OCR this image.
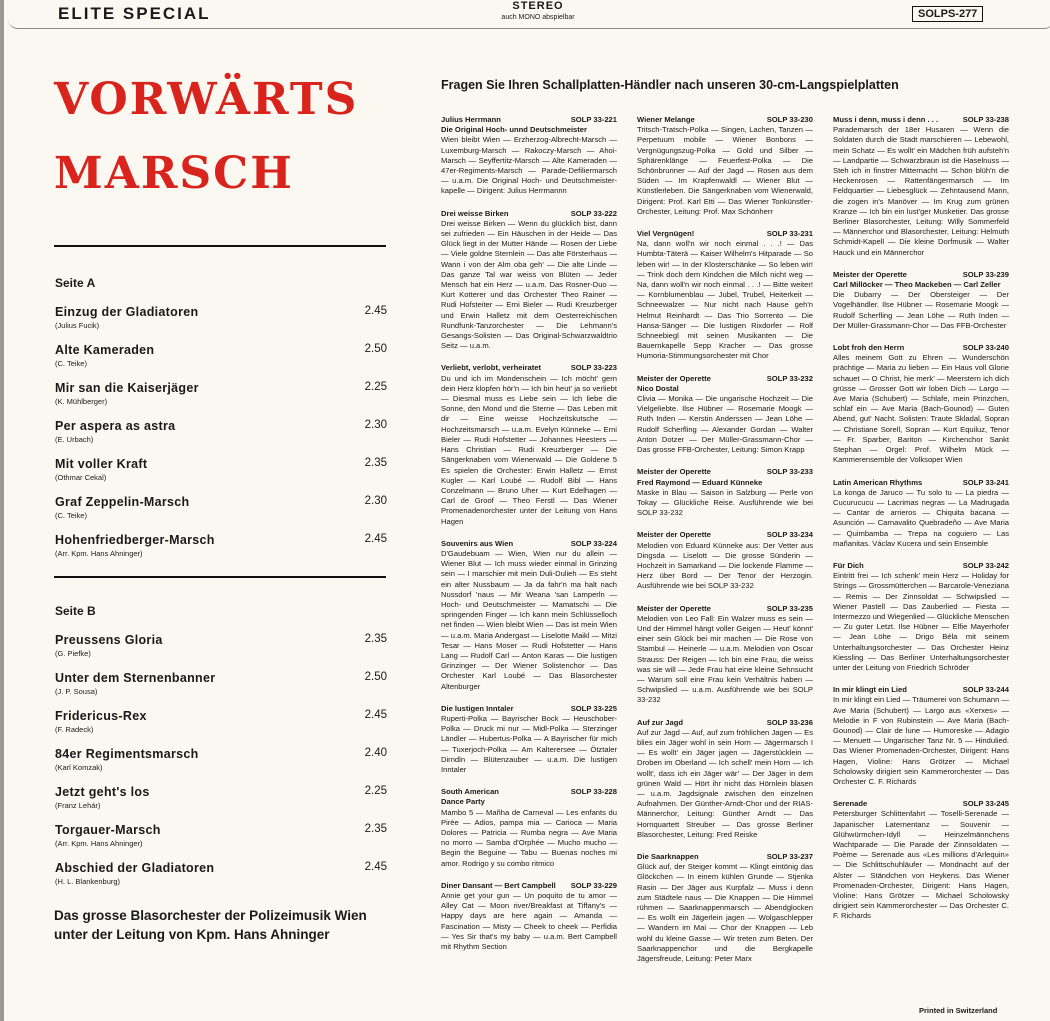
ELITE SPECIAL	STEREO
auch MONO abspielbar	SOLPS-277
VORWÄRTS
MARSCH
Seite A
Einzug der Gladiatoren
(Julius Fucik)
2.45
Alte Kameraden
(C. Teike)
2.50
Mir san die Kaiserjäger
(K. Mühlberger)
2.25
Per aspera as astra
(E. Urbach)
2.30
Mit voller Kraft
(Othmar Cekal)
2.35
Graf Zeppelin-Marsch
(C. Teike)
2.30
Hohenfriedberger-Marsch
(Arr. Kpm. Hans Ahninger)
2.45
Seite B
Preussens Gloria
(G. Piefke)
2.35
Unter dem Sternenbanner
(J. P. Sousa)
2.50
Fridericus-Rex
(F. Radeck)
2.45
84er Regimentsmarsch
(Karl Komzak)
2.40
Jetzt geht's los
(Franz Lehár)
2.25
Torgauer-Marsch
(Arr. Kpm. Hans Ahninger)
2.35
Abschied der Gladiatoren
(H. L. Blankenburg)
2.45
Das grosse Blasorchester der Polizeimusik Wien
unter der Leitung von Kpm. Hans Ahninger
Fragen Sie Ihren Schallplatten-Händler nach unseren 30-cm-Langspielplatten
Julius Herrmann	SOLP 33-221
Die Original Hoch- unnd Deutschmeister
Wien bleibt Wien — Erzherzog-Albrecht-Marsch — Luxemburg-Marsch — Rakoczy-Marsch — Ahoi-Marsch — Seyffertitz-Marsch — Alte Kameraden — 47er-Regiments-Marsch — Parade-Defiliermarsch — u.a.m. Die Original Hoch- und Deutschmeister-kapelle — Dirigent: Julius Herrmannn
Drei weisse Birken	SOLP 33-222
Drei weisse Birken — Wenn du glücklich bist, dann sei zufrieden — Ein Häuschen in der Heide — Das Glück liegt in der Mutter Hände — Rosen der Liebe — Viele goldne Sternlein — Das alte Försterhaus — Wann i von der Alm oba geh' — Die alte Linde — Das ganze Tal war weiss von Blüten — Jeder Mensch hat ein Herz — u.a.m. Das Rosner-Duo — Kurt Kotterer und das Orchester Theo Rainer — Rudi Hofsteiter — Erni Bieler — Rudi Kreuzberger und Erwin Halletz mit dem Oesterreichischen Rundfunk-Tanzorchester — Die Lehmann's Gesangs-Solisten — Das Original-Schwarzwaldtrio Seitz — u.a.m.
Verliebt, verlobt, verheiratet	SOLP 33-223
Du und ich im Mondenschein — Ich möcht' gern dein Herz klopfen hör'n — Ich bin heut' ja so verliebt — Diesmal muss es Liebe sein — Ich liebe die Sonne, den Mond und die Sterne — Das Leben mit dir — Eine weisse Hochzeitskutsche — Hochzeitsmarsch — u.a.m. Evelyn Künneke — Erni Bieler — Rudi Hofstetter — Johannes Heesters — Hans Christian — Rudi Kreuzberger — Die Sängerknaben vom Wienerwald — Die Goldene 5 Es spielen die Orchester: Erwin Halletz — Ernst Kugler — Karl Loubé — Rudolf Bibl — Hans Conzelmann — Bruno Uher — Kurt Edelhagen — Carl de Groof — Theo Ferstl — Das Wiener Promenadenorchester unter der Leitung von Hans Hagen
Souvenirs aus Wien	SOLP 33-224
D'Gaudebuam — Wien, Wien nur du allein — Wiener Blut — Ich muss wieder einmal in Grinzing sein — I marschier mit mein Duli-Dulieh — Es steht ein alter Nussbaum — Ja da fahr'n ma halt nach Nussdorf 'naus — Mir Weana 'san Lamperln — Hoch- und Deutschmeister — Mamatschi — Die springenden Finger — Ich kann mein Schlüsselloch net finden — Wien bleibt Wien — Das ist mein Wien — u.a.m. Maria Andergast — Liselotte Maikl — Mitzi Tesar — Hans Moser — Rudi Hofstetter — Hans Lang — Rudolf Carl — Anton Karas — Die lustigen Grinzinger — Der Wiener Solistenchor — Das Orchester Karl Loubé — Das Blasorchester Altenburger
Die lustigen Inntaler	SOLP 33-225
Ruperti-Polka — Bayrischer Bock — Heuschober-Polka — Druck mi nur — Midl-Polka — Sterzinger Ländler — Hubertus-Polka — A Bayrischer für mich — Tuxerjoch-Polka — Am Kalterersee — Ötztaler Dirndln — Blütenzauber — u.a.m. Die lustigen Inntaler
South American	SOLP 33-228
Dance Party
Mambo 5 — Mañha de Carneval — Les enfants du Pirée — Adios, pampa mia — Carioca — Maria Dolores — Patricia — Rumba negra — Ave Maria no morro — Samba d'Orphée — Mucho mucho — Begin the Beguine — Tabu — Buenas noches mi amor. Rodrigo y su combo ritmico
Diner Dansant — Bert Campbell SOLP 33-229
Annie get your gun — Un poquito de tu amor — Alley Cat — Moon river/Breakfast at Tiffany's — Happy days are here again — Amanda — Fascination — Misty — Cheek to cheek — Perfidia — Yes Sir that's my baby — u.a.m. Bert Campbell mit Rhythm Section
Wiener Melange	SOLP 33-230
Tritsch-Tratsch-Polka — Singen, Lachen, Tanzen — Perpetuum mobile — Wiener Bonbons — Vergnügungszug-Polka — Gold und Silber — Sphärenklänge — Feuerfest-Polka — Die Schönbrunner — Auf der Jagd — Rosen aus dem Süden — Im Krapfenwaldl — Wiener Blut — Künstlerleben. Die Sängerknaben vom Wienerwald, Dirigent: Prof. Karl Etti — Das Wiener Tonkünstler-Orchester, Leitung: Prof. Max Schönherr
Viel Vergnügen!	SOLP 33-231
Na, dann woll'n wir noch einmal . . .! — Das Humbta-Täterä — Kaiser Wilhelm's Hitparade — So leben wir! — In der Klosterschänke — So leben wir! — Trink doch dem Kindchen die Milch nicht weg — Na, dann woll'n wir noch einmal . . .! — Bitte weiter! — Kornblumenblau — Jubel, Trubel, Heiterkeit — Schneewalzer — Nur nicht nach Hause geh'n Helmut Reinhardt — Das Trio Sorrento — Die Hansa-Sänger — Die lustigen Rixdorfer — Rolf Schneebiegl mit seinen Musikanten — Die Bauernkapelle Sepp Kracher — Das grosse Humoria-Stimmungsorchester mit Chor
Meister der Operette	SOLP 33-232
Nico Dostal
Clivia — Monika — Die ungarische Hochzeit — Die Vielgeliebte. Ilse Hübner — Rosemarie Moogk — Ruth Inden — Kerstin Anderssen — Jean Löhe — Rudolf Scherfling — Alexander Gordan — Walter Anton Dotzer — Der Müller-Grassmann-Chor — Das grosse FFB-Orchester, Leitung: Simon Krapp
Meister der Operette	SOLP 33-233
Fred Raymond — Eduard Künneke
Maske in Blau — Saison in Salzburg — Perle von Tokay — Glückliche Reise. Ausführende wie bei SOLP 33-232
Meister der Operette	SOLP 33-234
Melodien von Eduard Künneke aus: Der Vetter aus Dingsda — Liselott — Die grosse Sünderin — Hochzeit in Samarkand — Die lockende Flamme — Herz über Bord — Der Tenor der Herzogin. Ausführende wie bei SOLP 33-232
Meister der Operette	SOLP 33-235
Melodien von Leo Fall: Ein Walzer muss es sein — Und der Himmel hängt voller Geigen — Heut' könnt' einer sein Glück bei mir machen — Die Rose von Stambul — Heinerle — u.a.m. Melodien von Oscar Strauss: Der Reigen — Ich bin eine Frau, die weiss was sie will — Jede Frau hat eine kleine Sehnsucht — Warum soll eine Frau kein Verhältnis haben — Schwipslied — u.a.m. Ausführende wie bei SOLP 33-232
Auf zur Jagd	SOLP 33-236
Auf zur Jagd — Auf, auf zum fröhlichen Jagen — Es blies ein Jäger wohl in sein Horn — Jägermarsch I — Es wollt' ein Jäger jagen — Jägerstücklein — Droben im Oberland — Ich schell' mein Horn — Ich wollt', dass ich ein Jäger wär' — Der Jäger in dem grünen Wald — Hört ihr nicht das Hörnlein blasen — u.a.m. Jagdsignale zwischen den einzelnen Aufnahmen. Der Günther-Arndt-Chor und der RIAS-Männerchor, Leitung: Günther Arndt — Das Hornquartett Streuber — Das grosse Berliner Blasorchester, Leitung: Fred Reiske
Die Saarknappen	SOLP 33-237
Glück auf, der Steiger kommt — Klingt eintönig das Glöckchen — In einem kühlen Grunde — Stjenka Rasin — Der Jäger aus Kurpfalz — Muss i denn zum Städtele naus — Die Knappen — Die Himmel rühmen — Saarknappenmarsch — Abendglocken — Es wollt ein Jägerlein jagen — Wolgaschlepper — Wandern im Mai — Chor der Knappen — Leb wohl du kleine Gasse — Wir treten zum Beten. Der Saarknappenchor und die Bergkapelle Jägersfreude, Leitung: Peter Marx
Muss i denn, muss i denn . . .	SOLP 33-238
Parademarsch der 18er Husaren — Wenn die Soldaten durch die Stadt marschieren — Lebewohl, mein Schatz — Es wollt' ein Mädchen früh aufsteh'n — Landpartie — Schwarzbraun ist die Haselnuss — Steh ich in finstrer Mitternacht — Schön blüh'n die Heckenrosen — Rattenfängermarsch — Im Feldquartier — Liebesglück — Zehntausend Mann, die zogen in's Manöver — Im Krug zum grünen Kranze — Ich bin ein lust'ger Musketier. Das grosse Berliner Blasorchester, Leitung: Willy Sommerfeld — Männerchor und Blasorchester, Leitung: Helmuth Schmidt-Kapell — Die kleine Dorfmusik — Walter Hauck und ein Männerchor
Meister der Operette	SOLP 33-239
Carl Millöcker — Theo Mackeben — Carl Zeller
Die Dubarry — Der Obersteiger — Der Vogelhändler. Ilse Hübner — Rosemarie Moogk — Rudolf Scherfling — Jean Löhe — Ruth Inden — Der Müller-Grassmann-Chor — Das FFB-Orchester
Lobt froh den Herrn	SOLP 33-240
Alles meinem Gott zu Ehren — Wunderschön prächtige — Maria zu lieben — Ein Haus voll Glorie schauet — O Christ, hie merk' — Meerstern ich dich grüsse — Grosser Gott wir loben Dich — Largo — Ave Maria (Schubert) — Schlafe, mein Prinzchen, schlaf ein — Ave Maria (Bach-Gounod) — Guten Abend, gut' Nacht. Solisten: Traute Skladal, Sopran — Christiane Sorell, Sopran — Kurt Equiluz, Tenor — Fr. Sparber, Bariton — Kirchenchor Sankt Stephan — Orgel: Prof. Wilhelm Mück — Kammerensemble der Volksoper Wien
Latin American Rhythms	SOLP 33-241
La konga de Jaruco — Tu solo tu — La piedra — Cucurucucu — Lacrimas negras — La Madrugada — Cantar de arrieros — Chiquita bacana — Asunción — Carnavalito Quebradeño — Ave Maria — Quimbamba — Trepa na coguiero — Las mañanitas. Václav Kucera und sein Ensemble
Für Dich	SOLP 33-242
Eintritt frei — Ich schenk' mein Herz — Holiday for Strings — Grossmütterchen — Barcarole-Veneziana — Remis — Der Zinnsoldat — Schwipslied — Wiener Pastell — Das Zauberlied — Fiesta — Intermezzo und Wiegenlied — Glückliche Menschen — Zu guter Letzt. Ilse Hübner — Elfie Mayerhofer — Jean Löhe — Drigo Béla mit seinem Unterhaltungsorchester — Das Orchester Heinz Kiessling — Das Berliner Unterhaltungsorchester unter der Leitung von Friedrich Schröder
In mir klingt ein Lied	SOLP 33-244
In mir klingt ein Lied — Träumerei von Schumann — Ave Maria (Schubert) — Largo aus «Xerxes» — Melodie in F von Rubinstein — Ave Maria (Bach-Gounod) — Clair de lune — Humoreske — Adagio — Menuett — Ungarischer Tanz Nr. 5 — Hindulied. Das Wiener Promenaden-Orchester, Dirigent: Hans Hagen, Violine: Hans Grötzer — Michael Scholowsky dirigiert sein Kammerorchester — Das Orchester C. F. Richards
Serenade	SOLP 33-245
Petersburger Schlittenfahrt — Toselli-Serenade — Japanischer Laternentanz — Souvenir — Glühwürmchen-Idyll — Heinzelmännchens Wachtparade — Die Parade der Zinnsoldaten — Poème — Serenade aus «Les millions d'Arlequin» — Die Schlittschuhläufer — Mondnacht auf der Alster — Ständchen von Heykens. Das Wiener Promenaden-Orchester, Dirigent: Hans Hagen, Violine: Hans Grötzer — Michael Scholowsky dirigiert sein Kammerorchester — Das Orchester C. F. Richards
Printed in Switzerland
